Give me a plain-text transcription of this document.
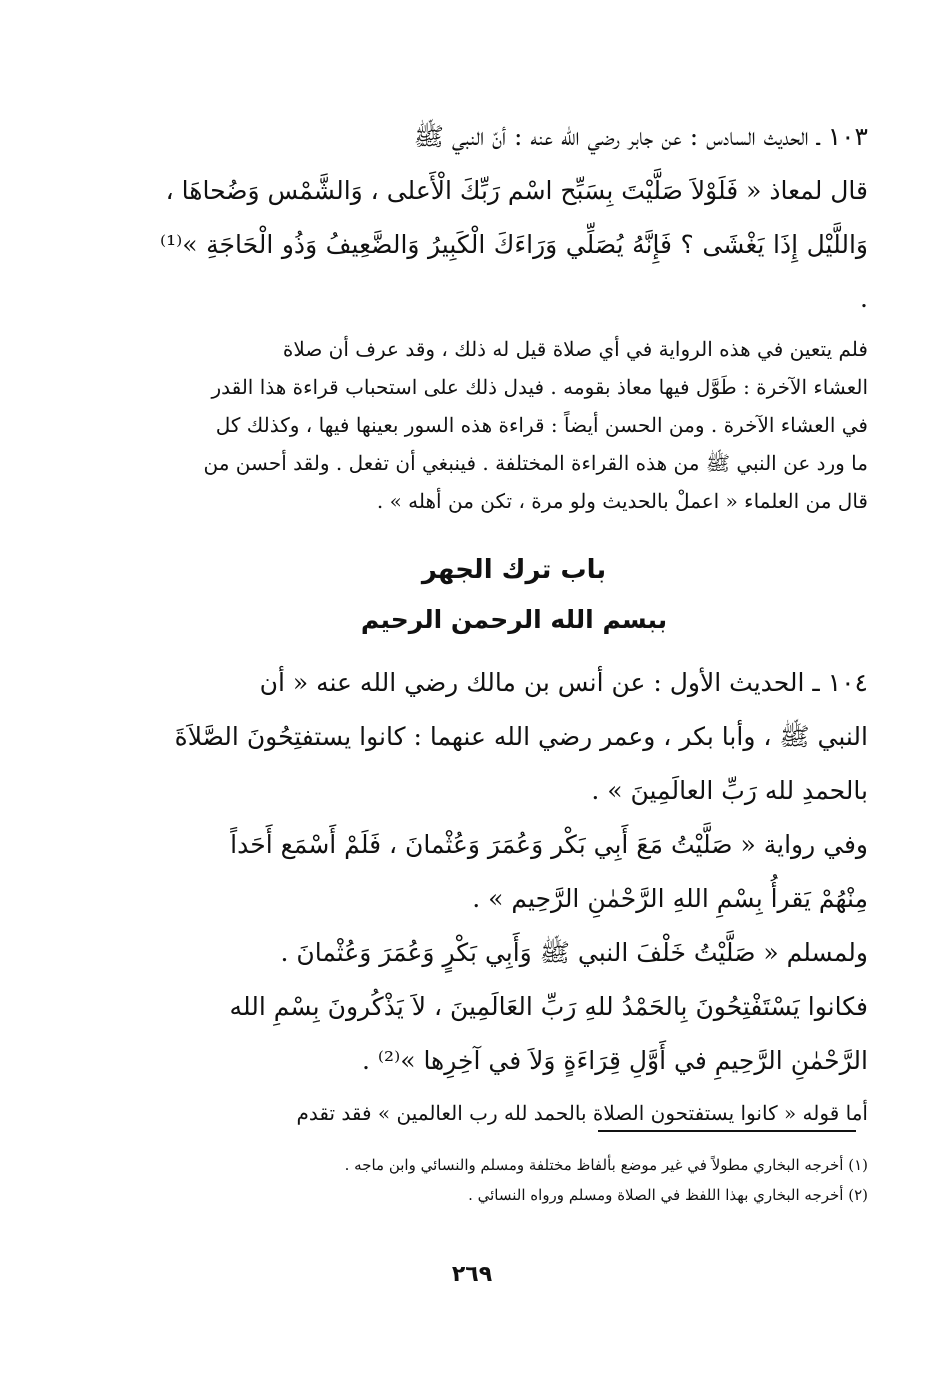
١٠٣ ـ الحديث السادس : عن جابر رضي الله عنه : أنّ النبي ﷺ
قال لمعاذ « فَلَوْلاَ صَلَّيْتَ بِسَبِّح اسْم رَبِّكَ الْأَعلى ، وَالشَّمْس وَضُحاهَا ،
وَاللَّيْل إِذَا يَغْشَى ؟ فَإِنَّهُ يُصَلِّي وَرَاءَكَ الْكَبِيرُ وَالضَّعِيفُ وَذُو الْحَاجَةِ »⁽¹⁾ .

فلم يتعين في هذه الرواية في أي صلاة قيل له ذلك ، وقد عرف أن صلاة
العشاء الآخرة : طَوَّل فيها معاذ بقومه . فيدل ذلك على استحباب قراءة هذا القدر
في العشاء الآخرة . ومن الحسن أيضاً : قراءة هذه السور بعينها فيها ، وكذلك كل
ما ورد عن النبي ﷺ من هذه القراءة المختلفة . فينبغي أن تفعل . ولقد أحسن من
قال من العلماء « اعملْ بالحديث ولو مرة ، تكن من أهله » .

باب ترك الجهر
ببسم الله الرحمن الرحيم

١٠٤ ـ الحديث الأول : عن أنس بن مالك رضي الله عنه « أن
النبي ﷺ ، وأبا بكر ، وعمر رضي الله عنهما : كانوا يستفتِحُونَ الصَّلاَةَ
بالحمدِ لله رَبِّ العالَمِينَ » .
وفي رواية « صَلَّيْتُ مَعَ أَبِي بَكْر وَعُمَرَ وَعُثْمانَ ، فَلَمْ أَسْمَع أَحَداً
مِنْهُمْ يَقرأُ بِسْمِ اللهِ الرَّحْمٰنِ الرَّحِيم » .
ولمسلم « صَلَّيْتُ خَلْفَ النبي ﷺ وَأَبِي بَكْرٍ وَعُمَرَ وَعُثْمانَ .
فكانوا يَسْتَفْتِحُونَ بِالحَمْدُ للهِ رَبِّ العَالَمِينَ ، لاَ يَذْكُرونَ بِسْمِ الله
الرَّحْمٰنِ الرَّحِيمِ في أَوَّلِ قِرَاءَةٍ وَلاَ في آخِرِها »⁽²⁾ .

أما قوله « كانوا يستفتحون الصلاة بالحمد لله رب العالمين » فقد تقدم

(١) أخرجه البخاري مطولاً في غير موضع بألفاظ مختلفة ومسلم والنسائي وابن ماجه .
(٢) أخرجه البخاري بهذا اللفظ في الصلاة ومسلم ورواه النسائي .
٢٦٩
